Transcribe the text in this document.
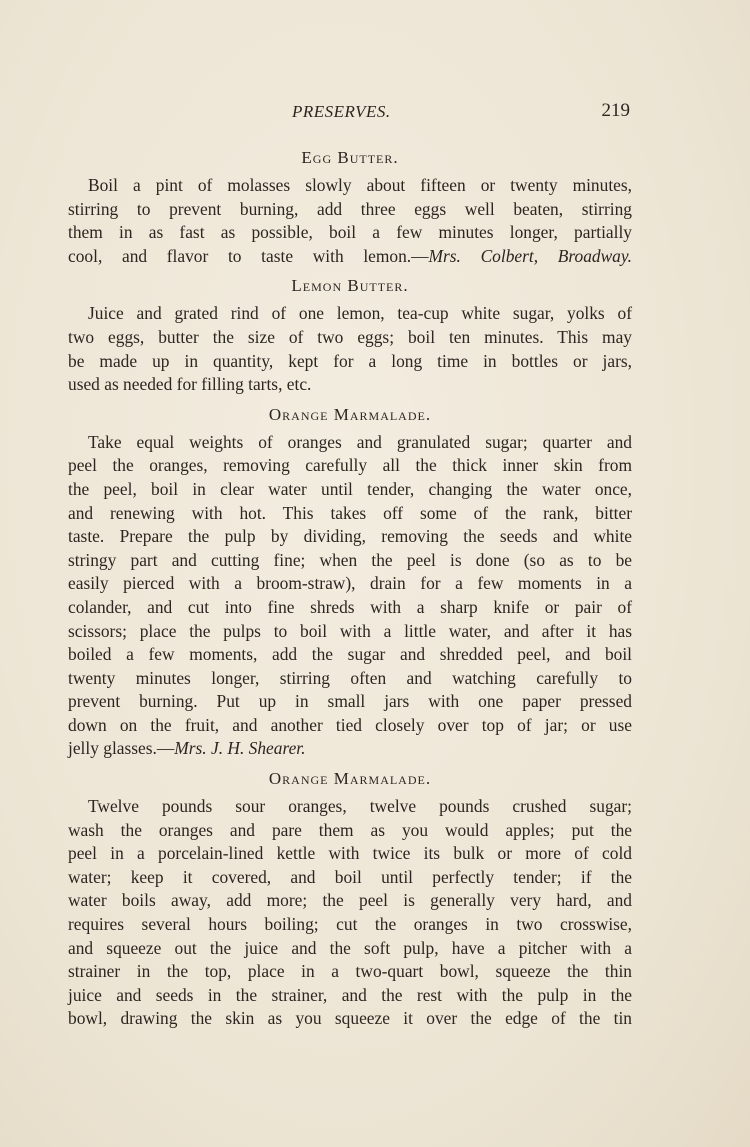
PRESERVES.	219
Egg Butter.

Boil a pint of molasses slowly about fifteen or twenty minutes,

stirring to prevent burning, add three eggs well beaten, stirring

them in as fast as possible, boil a few minutes longer, partially

cool, and flavor to taste with lemon.—Mrs. Colbert, Broadway.

Lemon Butter.

Juice and grated rind of one lemon, tea-cup white sugar, yolks of

two eggs, butter the size of two eggs; boil ten minutes. This may

be made up in quantity, kept for a long time in bottles or jars,

used as needed for filling tarts, etc.

Orange Marmalade.

Take equal weights of oranges and granulated sugar; quarter and

peel the oranges, removing carefully all the thick inner skin from

the peel, boil in clear water until tender, changing the water once,

and renewing with hot. This takes off some of the rank, bitter

taste. Prepare the pulp by dividing, removing the seeds and white

stringy part and cutting fine; when the peel is done (so as to be

easily pierced with a broom-straw), drain for a few moments in a

colander, and cut into fine shreds with a sharp knife or pair of

scissors; place the pulps to boil with a little water, and after it has

boiled a few moments, add the sugar and shredded peel, and boil

twenty minutes longer, stirring often and watching carefully to

prevent burning. Put up in small jars with one paper pressed

down on the fruit, and another tied closely over top of jar; or use

jelly glasses.—Mrs. J. H. Shearer.

Orange Marmalade.

Twelve pounds sour oranges, twelve pounds crushed sugar;

wash the oranges and pare them as you would apples; put the

peel in a porcelain-lined kettle with twice its bulk or more of cold

water; keep it covered, and boil until perfectly tender; if the

water boils away, add more; the peel is generally very hard, and

requires several hours boiling; cut the oranges in two crosswise,

and squeeze out the juice and the soft pulp, have a pitcher with a

strainer in the top, place in a two-quart bowl, squeeze the thin

juice and seeds in the strainer, and the rest with the pulp in the

bowl, drawing the skin as you squeeze it over the edge of the tin
